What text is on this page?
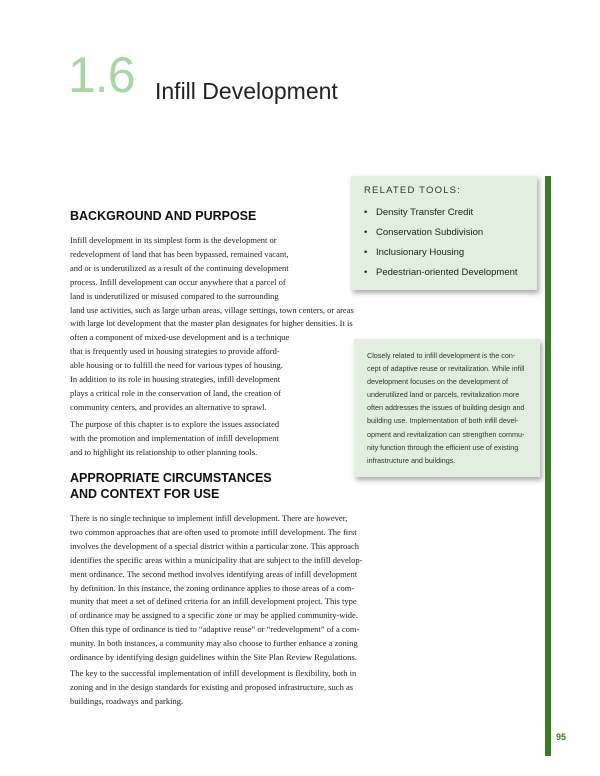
1.6 Infill Development
RELATED TOOLS:
• Density Transfer Credit
• Conservation Subdivision
• Inclusionary Housing
• Pedestrian-oriented Development
Closely related to infill development is the con-
cept of adaptive reuse or revitalization. While infill
development focuses on the development of
underutilized land or parcels, revitalization more
often addresses the issues of building design and
building use. Implementation of both infill devel-
opment and revitalization can strengthen commu-
nity function through the efficient use of existing
infrastructure and buildings.
BACKGROUND AND PURPOSE
Infill development in its simplest form is the development or
redevelopment of land that has been bypassed, remained vacant,
and or is underutilized as a result of the continuing development
process. Infill development can occur anywhere that a parcel of
land is underutilized or misused compared to the surrounding
land use activities, such as large urban areas, village settings, town centers, or areas
with large lot development that the master plan designates for higher densities. It is
often a component of mixed-use development and is a technique
that is frequently used in housing strategies to provide afford-
able housing or to fulfill the need for various types of housing.
In addition to its role in housing strategies, infill development
plays a critical role in the conservation of land, the creation of
community centers, and provides an alternative to sprawl.
The purpose of this chapter is to explore the issues associated
with the promotion and implementation of infill development
and to highlight its relationship to other planning tools.
APPROPRIATE CIRCUMSTANCES
AND CONTEXT FOR USE
There is no single technique to implement infill development. There are however,
two common approaches that are often used to promote infill development. The first
involves the development of a special district within a particular zone. This approach
identifies the specific areas within a municipality that are subject to the infill develop-
ment ordinance. The second method involves identifying areas of infill development
by definition. In this instance, the zoning ordinance applies to those areas of a com-
munity that meet a set of defined criteria for an infill development project. This type
of ordinance may be assigned to a specific zone or may be applied community-wide.
Often this type of ordinance is tied to “adaptive reuse” or “redevelopment” of a com-
munity. In both instances, a community may also choose to further enhance a zoning
ordinance by identifying design guidelines within the Site Plan Review Regulations.
The key to the successful implementation of infill development is flexibility, both in
zoning and in the design standards for existing and proposed infrastructure, such as
buildings, roadways and parking.
95
